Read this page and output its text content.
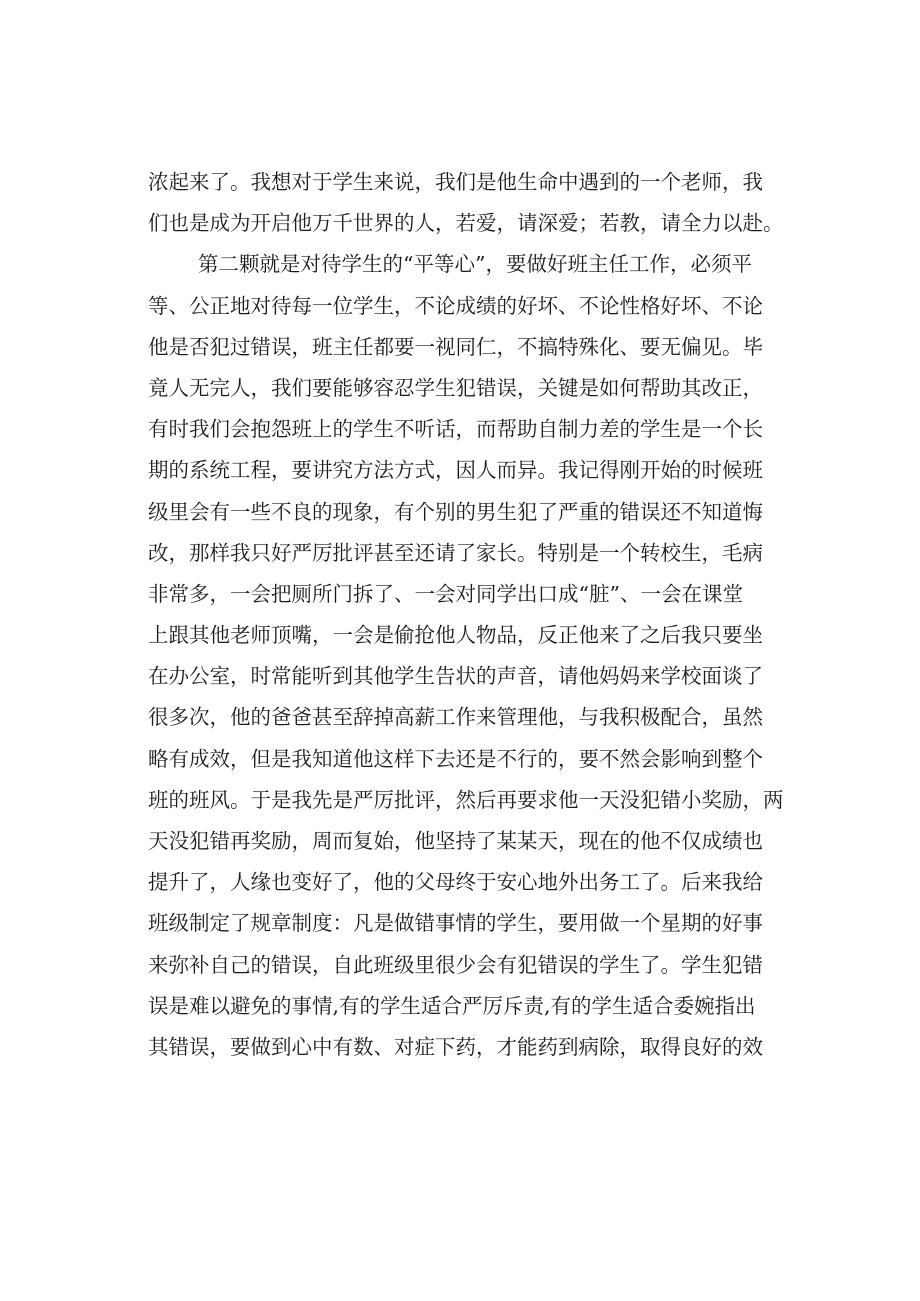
浓起来了。我想对于学生来说，我们是他生命中遇到的一个老师，我
们也是成为开启他万千世界的人，若爱，请深爱；若教，请全力以赴。
第二颗就是对待学生的“平等心”，要做好班主任工作，必须平
等、公正地对待每一位学生，不论成绩的好坏、不论性格好坏、不论
他是否犯过错误，班主任都要一视同仁，不搞特殊化、要无偏见。毕
竟人无完人，我们要能够容忍学生犯错误，关键是如何帮助其改正，
有时我们会抱怨班上的学生不听话，而帮助自制力差的学生是一个长
期的系统工程，要讲究方法方式，因人而异。我记得刚开始的时候班
级里会有一些不良的现象，有个别的男生犯了严重的错误还不知道悔
改，那样我只好严厉批评甚至还请了家长。特别是一个转校生，毛病
非常多，一会把厕所门拆了、一会对同学出口成“脏”、一会在课堂
上跟其他老师顶嘴，一会是偷抢他人物品，反正他来了之后我只要坐
在办公室，时常能听到其他学生告状的声音，请他妈妈来学校面谈了
很多次，他的爸爸甚至辞掉高薪工作来管理他，与我积极配合，虽然
略有成效，但是我知道他这样下去还是不行的，要不然会影响到整个
班的班风。于是我先是严厉批评，然后再要求他一天没犯错小奖励，两
天没犯错再奖励，周而复始，他坚持了某某天，现在的他不仅成绩也
提升了，人缘也变好了，他的父母终于安心地外出务工了。后来我给
班级制定了规章制度：凡是做错事情的学生，要用做一个星期的好事
来弥补自己的错误，自此班级里很少会有犯错误的学生了。学生犯错
误是难以避免的事情,有的学生适合严厉斥责,有的学生适合委婉指出
其错误，要做到心中有数、对症下药，才能药到病除，取得良好的效
